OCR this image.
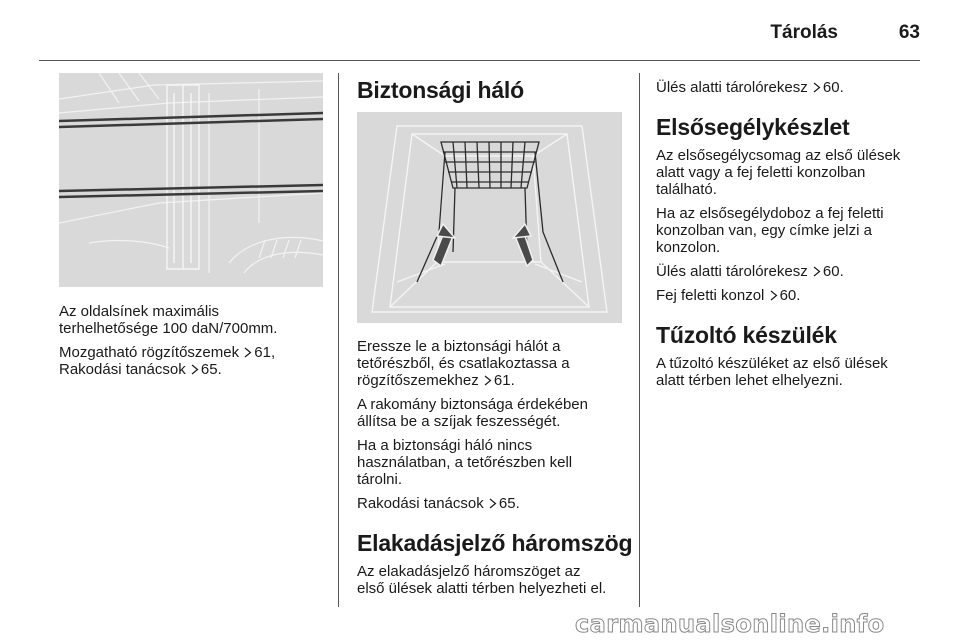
Tárolás	63

Az oldalsínek maximális
terhelhetősége 100 daN/700mm.

Mozgatható rögzítőszemek 61,
Rakodási tanácsok 65.

Biztonsági háló

Eressze le a biztonsági hálót a
tetőrészből, és csatlakoztassa a
rögzítőszemekhez 61.

A rakomány biztonsága érdekében
állítsa be a szíjak feszességét.

Ha a biztonsági háló nincs
használatban, a tetőrészben kell
tárolni.

Rakodási tanácsok 65.

Elakadásjelző háromszög

Az elakadásjelző háromszöget az
első ülések alatti térben helyezheti el.

Ülés alatti tárolórekesz 60.

Elsősegélykészlet

Az elsősegélycsomag az első ülések
alatt vagy a fej feletti konzolban
található.

Ha az elsősegélydoboz a fej feletti
konzolban van, egy címke jelzi a
konzolon.

Ülés alatti tárolórekesz 60.

Fej feletti konzol 60.

Tűzoltó készülék

A tűzoltó készüléket az első ülések
alatt térben lehet elhelyezni.

carmanualsonline.info
